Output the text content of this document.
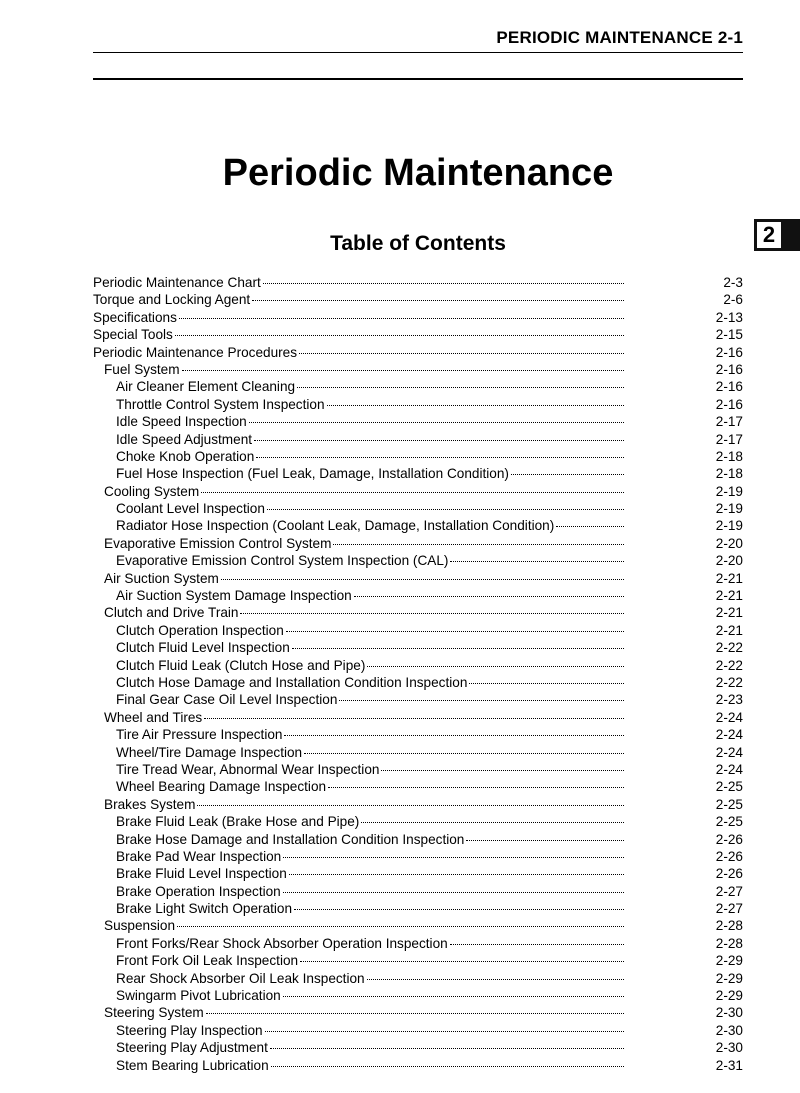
PERIODIC MAINTENANCE 2-1
2
Periodic Maintenance
Table of Contents
Periodic Maintenance Chart	2-3
Torque and Locking Agent	2-6
Specifications	2-13
Special Tools	2-15
Periodic Maintenance Procedures	2-16
Fuel System	2-16
Air Cleaner Element Cleaning	2-16
Throttle Control System Inspection	2-16
Idle Speed Inspection	2-17
Idle Speed Adjustment	2-17
Choke Knob Operation	2-18
Fuel Hose Inspection (Fuel Leak, Damage, Installation Condition)	2-18
Cooling System	2-19
Coolant Level Inspection	2-19
Radiator Hose Inspection (Coolant Leak, Damage, Installation Condition)	2-19
Evaporative Emission Control System	2-20
Evaporative Emission Control System Inspection (CAL)	2-20
Air Suction System	2-21
Air Suction System Damage Inspection	2-21
Clutch and Drive Train	2-21
Clutch Operation Inspection	2-21
Clutch Fluid Level Inspection	2-22
Clutch Fluid Leak (Clutch Hose and Pipe)	2-22
Clutch Hose Damage and Installation Condition Inspection	2-22
Final Gear Case Oil Level Inspection	2-23
Wheel and Tires	2-24
Tire Air Pressure Inspection	2-24
Wheel/Tire Damage Inspection	2-24
Tire Tread Wear, Abnormal Wear Inspection	2-24
Wheel Bearing Damage Inspection	2-25
Brakes System	2-25
Brake Fluid Leak (Brake Hose and Pipe)	2-25
Brake Hose Damage and Installation Condition Inspection	2-26
Brake Pad Wear Inspection	2-26
Brake Fluid Level Inspection	2-26
Brake Operation Inspection	2-27
Brake Light Switch Operation	2-27
Suspension	2-28
Front Forks/Rear Shock Absorber Operation Inspection	2-28
Front Fork Oil Leak Inspection	2-29
Rear Shock Absorber Oil Leak Inspection	2-29
Swingarm Pivot Lubrication	2-29
Steering System	2-30
Steering Play Inspection	2-30
Steering Play Adjustment	2-30
Stem Bearing Lubrication	2-31
